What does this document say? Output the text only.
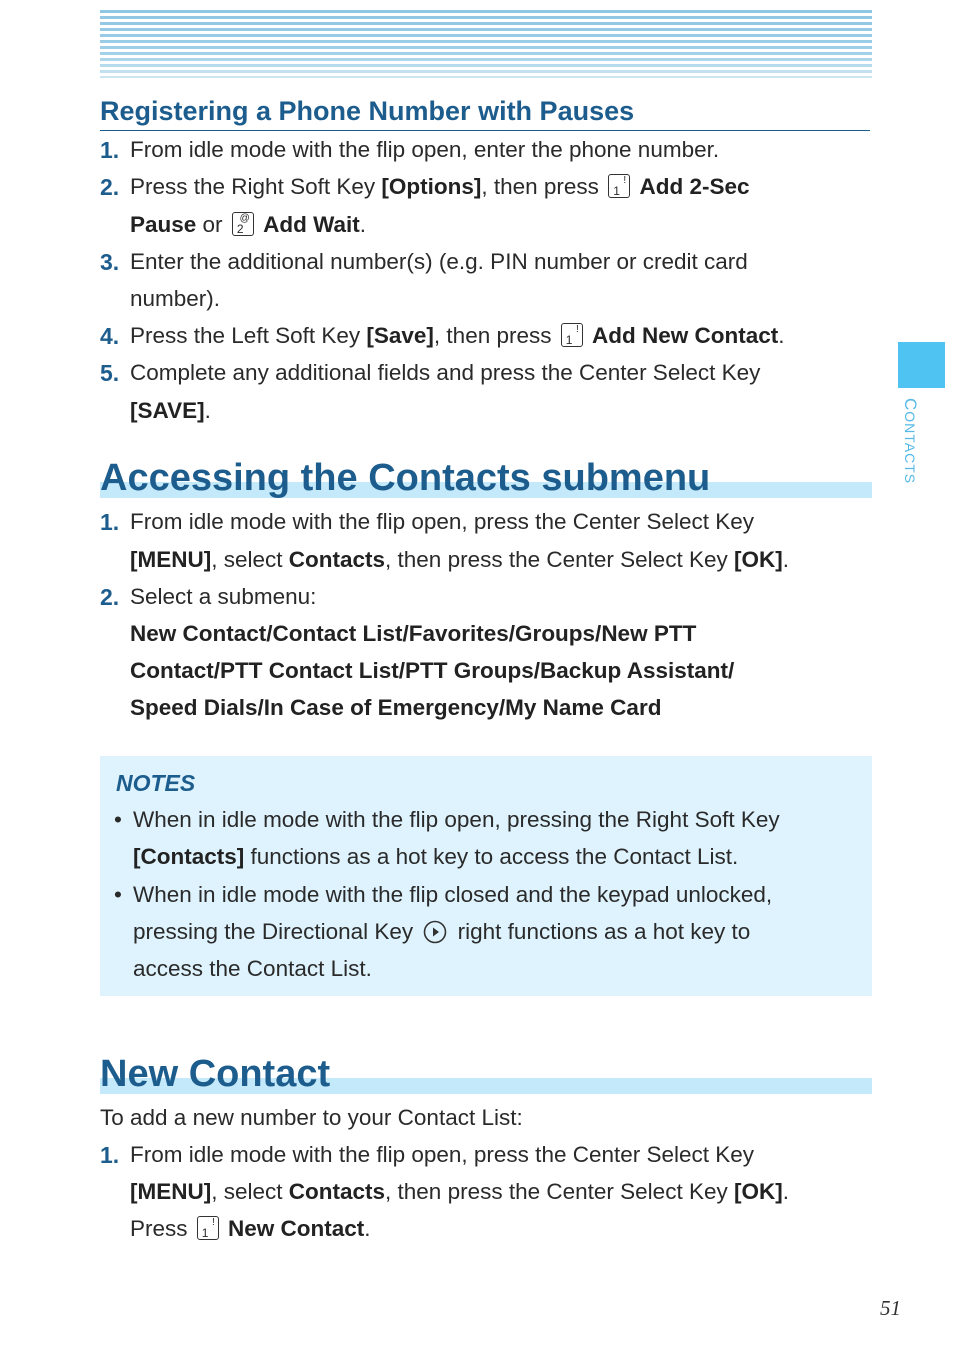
CONTACTS
Registering a Phone Number with Pauses
1. From idle mode with the flip open, enter the phone number.
2. Press the Right Soft Key [Options], then press 1
! Add 2-Sec
Pause or 2
@ Add Wait.
3. Enter the additional number(s) (e.g. PIN number or credit card
number).
4. Press the Left Soft Key [Save], then press 1
! Add New Contact.
5. Complete any additional fields and press the Center Select Key
[SAVE].
Accessing the Contacts submenu
1. From idle mode with the flip open, press the Center Select Key
[MENU], select Contacts, then press the Center Select Key [OK].
2. Select a submenu:
New Contact/Contact List/Favorites/Groups/New PTT
Contact/PTT Contact List/PTT Groups/Backup Assistant/
Speed Dials/In Case of Emergency/My Name Card
NOTES
• When in idle mode with the flip open, pressing the Right Soft Key
[Contacts] functions as a hot key to access the Contact List.
• When in idle mode with the flip closed and the keypad unlocked,
pressing the Directional Key  right functions as a hot key to
access the Contact List.
New Contact
To add a new number to your Contact List:
1. From idle mode with the flip open, press the Center Select Key
[MENU], select Contacts, then press the Center Select Key [OK].
Press 1
! New Contact.
51
